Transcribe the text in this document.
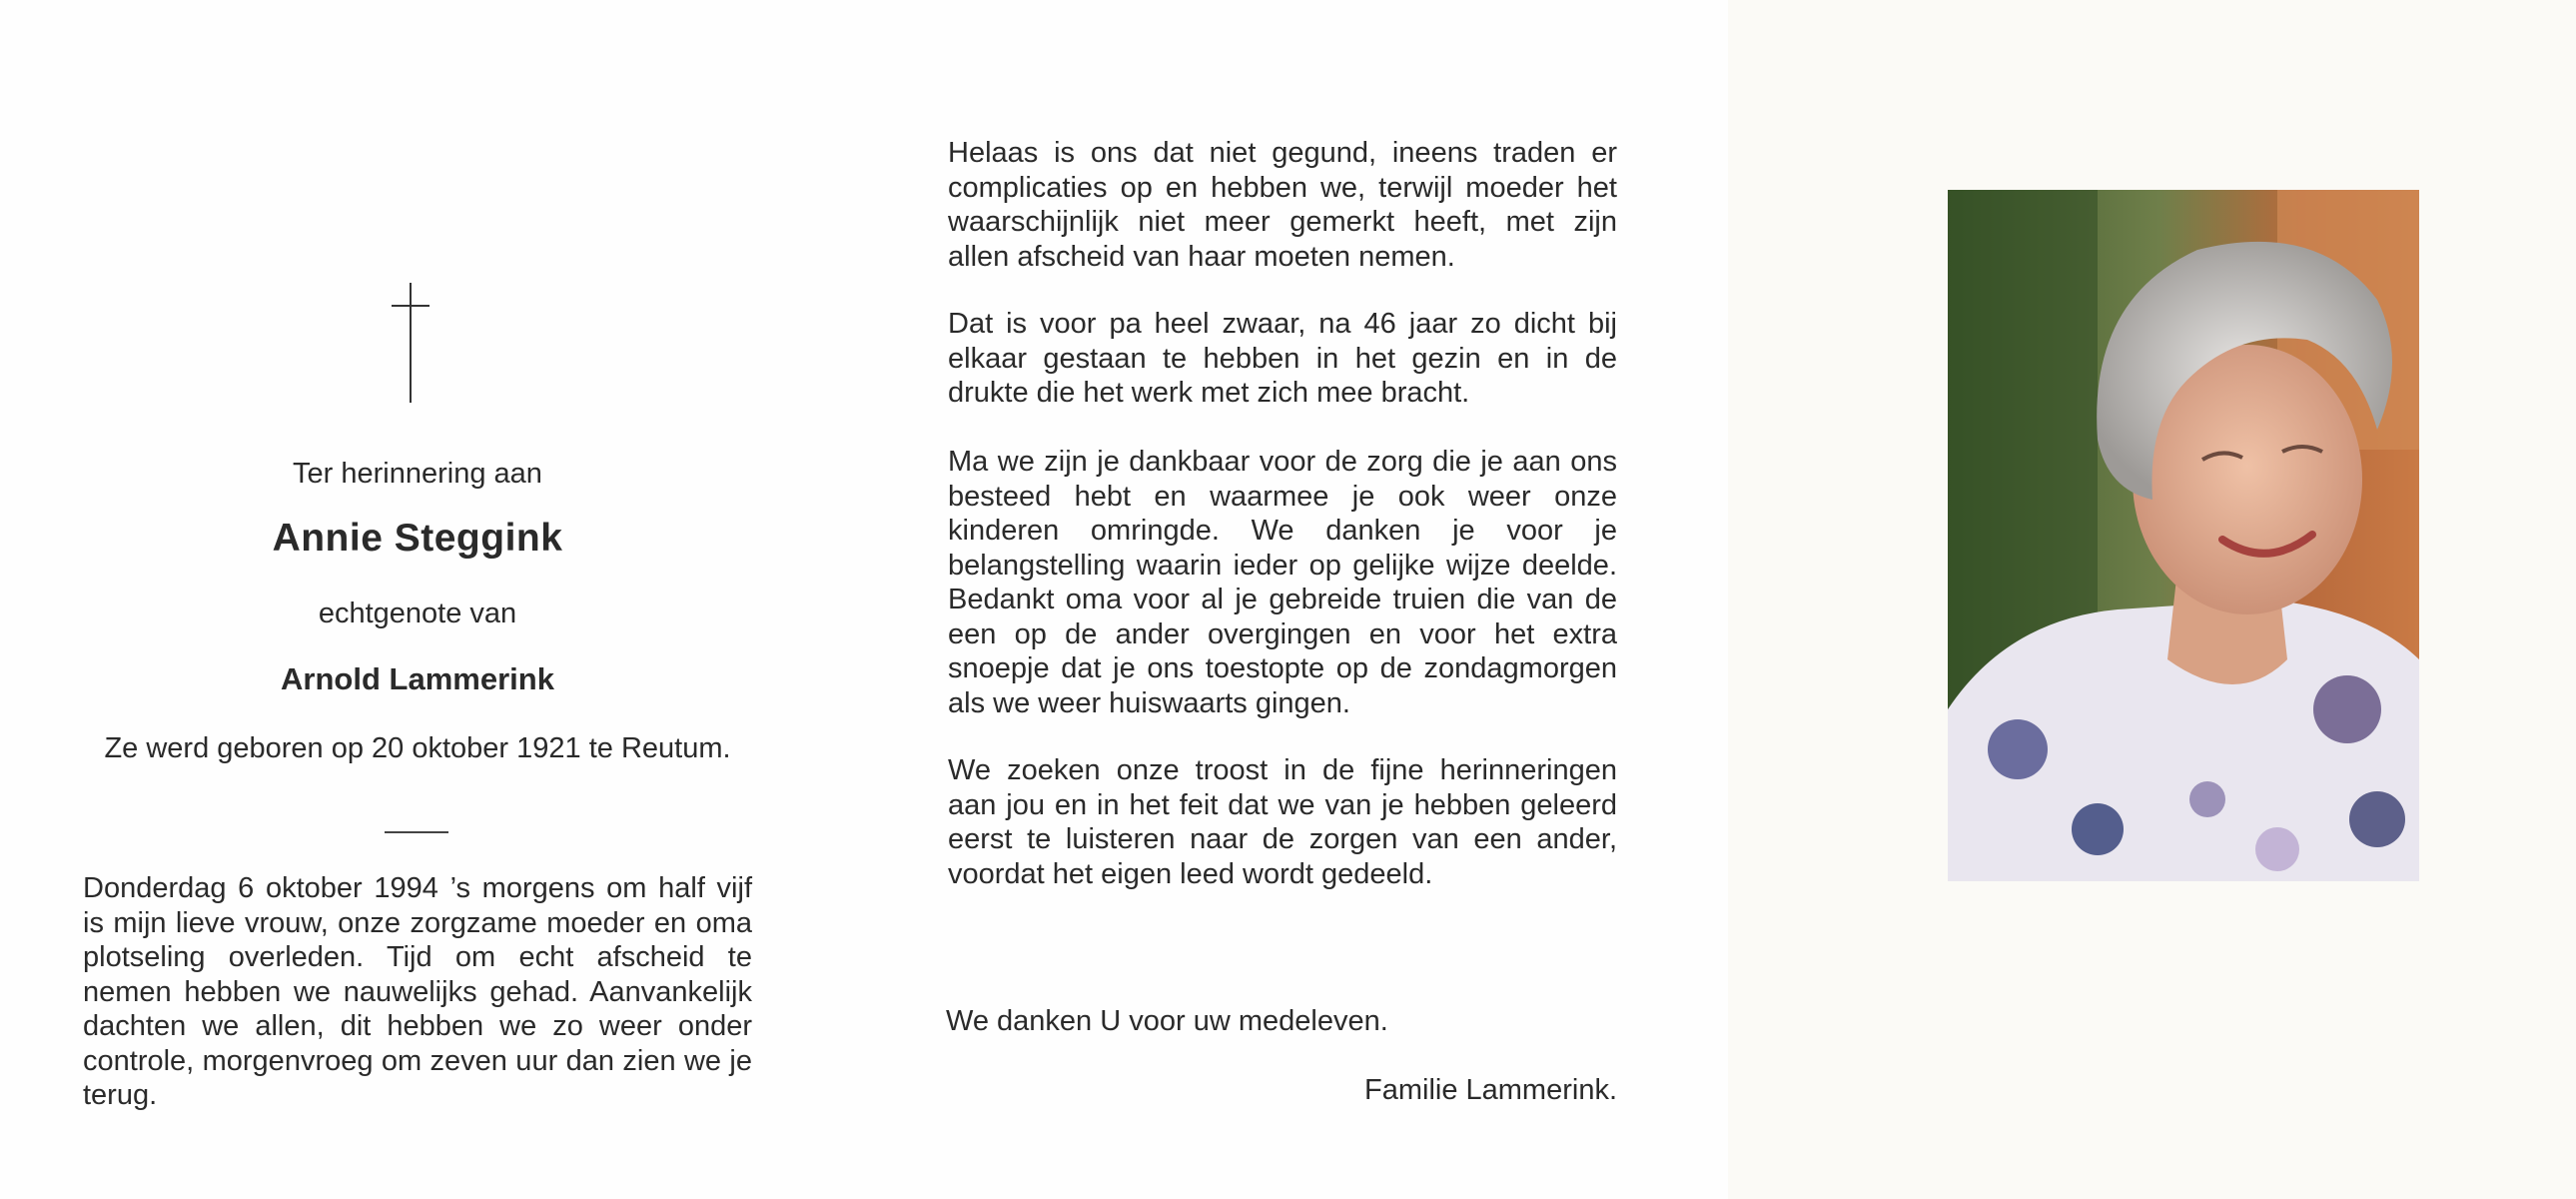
Ter herinnering aan
Annie Steggink
echtgenote van
Arnold Lammerink
Ze werd geboren op 20 oktober 1921 te Reutum.

Donderdag 6 oktober 1994 ’s morgens om half vijf is mijn lieve vrouw, onze zorgzame moeder en oma plotseling overleden. Tijd om echt afscheid te nemen hebben we nauwelijks gehad. Aanvankelijk dachten we allen, dit hebben we zo weer onder controle, morgenvroeg om zeven uur dan zien we je terug.

Helaas is ons dat niet gegund, ineens traden er complicaties op en hebben we, terwijl moeder het waarschijnlijk niet meer gemerkt heeft, met zijn allen afscheid van haar moeten nemen.

Dat is voor pa heel zwaar, na 46 jaar zo dicht bij elkaar gestaan te hebben in het gezin en in de drukte die het werk met zich mee bracht.

Ma we zijn je dankbaar voor de zorg die je aan ons besteed hebt en waarmee je ook weer onze kinderen omringde. We danken je voor je belangstelling waarin ieder op gelijke wijze deelde. Bedankt oma voor al je gebreide truien die van de een op de ander overgingen en voor het extra snoepje dat je ons toestopte op de zondagmorgen als we weer huiswaarts gingen.

We zoeken onze troost in de fijne herinneringen aan jou en in het feit dat we van je hebben geleerd eerst te luisteren naar de zorgen van een ander, voordat het eigen leed wordt gedeeld.

We danken U voor uw medeleven.
Familie Lammerink.
